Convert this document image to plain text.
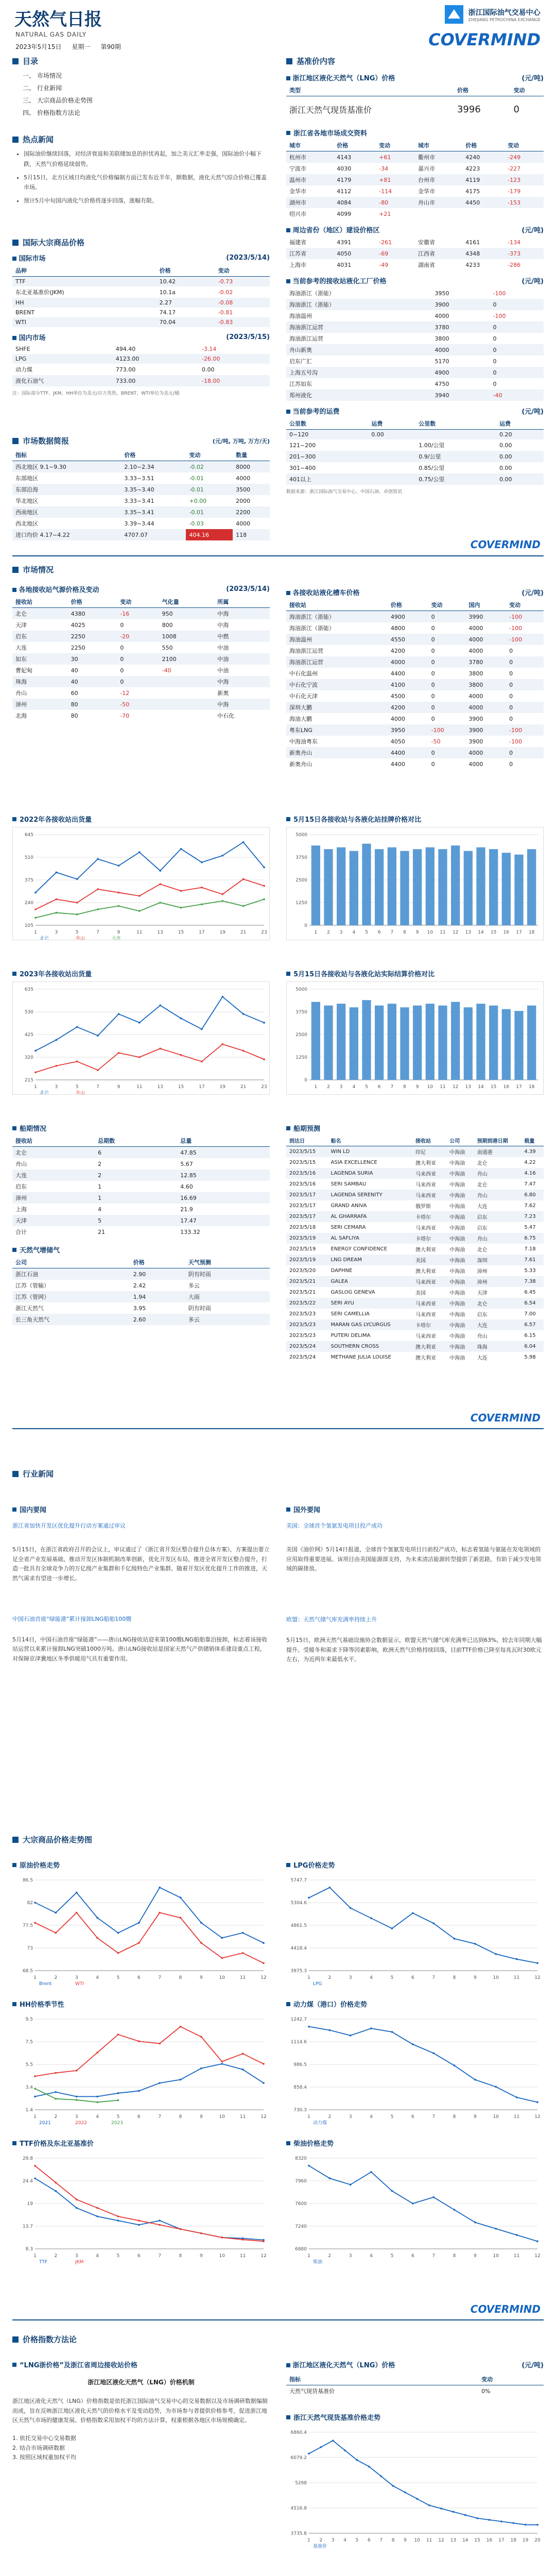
天然气日报
NATURAL GAS DAILY
2023年5月15日 星期一 第90期
浙江国际油气交易中心
ZHEJIANG PETROCHINA EXCHANGE
COVERMIND
目录
一、 市场情况
二、 行业新闻
三、 大宗商品价格走势图
四、 价格指数方法论
热点新闻
• 国际油价继续回落，对经济衰退和美联储加息的担忧再起，加之美元汇率走强，国际油价小幅下跌，天然气价格延续弱势。
• 5月15日，北方区域日均液化气价格编制方面已发布近半年，额数据，液化天然气综合价格已覆盖市场。
• 预计5月中旬国内液化气价格将逐步回落，涨幅有限。
国际大宗商品价格
国际市场	(2023/5/14)
品种	价格	变动
TTF	10.42	-0.73
东北亚基准价(JKM)	10.1a	-0.02
HH	2.27	-0.08
BRENT	74.17	-0.81
WTI	70.04	-0.83
国内市场	(2023/5/15)
SHFE	494.40	-3.14
LPG	4123.00	-26.00
动力煤	773.00	0.00
液化石油气	733.00	-18.00
注：国际部分TTF、JKM、HH单位为美元/百万英热，BRENT、WTI单位为美元/桶
市场数据简报	(元/吨, 万吨, 万方/天)
指标	价格	变动	数量
西北地区 9.1~9.30	2.10~2.34	-0.02	8000
东部地区	3.33~3.51	-0.01	4000
东部沿海	3.35~3.40	-0.01	3500
华北地区	3.33~3.41	+0.00	2000
西南地区	3.35~3.41	-0.01	2200
西北地区	3.39~3.44	-0.03	4000
进口均价 4.17~4.22	4707.07	404.16	118
基准价内容
浙江地区液化天然气（LNG）价格	(元/吨)
类型	价格	变动
浙江天然气现货基准价	3996	0
浙江省各地市场成交资料
城市	价格	变动	城市	价格	变动
杭州市	4143	+61	衢州市	4240	-249
宁波市	4030	-34	嘉兴市	4223	-227
温州市	4179	+81	台州市	4119	-123
金华市	4112	-114	金华市	4175	-179
湖州市	4084	-80	舟山市	4450	-153
绍兴市	4099	+21			
周边省份（地区）建设价格区	(元/吨)
福建省	4391	-261	安徽省	4161	-134
江苏省	4050	-69	江西省	4348	-373
上海市	4031	-49	湖南省	4233	-286
当前参考的接收站液化工厂价格	(元/吨)
海油浙江（浙能）	3950	-100
海油浙江（浙能）	3900	0
海油温州	4000	-100
海油浙江运营	3780	0
海油浙江运营	3800	0
舟山新奥	4000	0
启东广汇	5170	0
上海五号沟	4900	0
江苏如东	4750	0
郑州液化	3940	-40
当前参考的运费	(元/吨)
公里数	运费	公里数	运费
0~120	0.00		0.20
121~200		1.00/公里	0.00
201~300		0.9/公里	0.00
301~400		0.85/公里	0.00
401以上		0.75/公里	0.00
数据来源：浙江国际油气交易中心、中国石油、卓创资讯
COVERMIND
市场情况
各地接收站气源价格及变动	(2023/5/14)
接收站	价格	变动	气化量	所属
北仑	4380	-16	950	中海
天津	4025	0	800	中海
启东	2250	-20	1008	中燃
大连	2250	0	550	中油
如东	30	0	2100	中油
曹妃甸	40	0	-40	中油
珠海	40	0		中海
舟山	60	-12		新奥
漳州	80	-50		中海
北海	80	-70		中石化
各接收站液化槽车价格	(元/吨)
接收站	价格	变动	国内	变动
海油浙江（浙能）	4900	0	3990	-100
海油浙江（浙能）	4800	0	4000	-100
海油温州	4550	0	4000	-100
海油浙江运营	4200	0	4000	0
海油浙江运营	4000	0	3780	0
中石化温州	4400	0	3800	0
中石化宁波	4100	0	3800	0
中石化天津	4500	0	4000	0
深圳大鹏	4200	0	4000	0
海油大鹏	4000	0	3900	0
粤东LNG	3950	-100	3900	-100
中海油粤东	4050	-50	3900	-100
新奥舟山	4400	0	4000	0
新奥舟山	4400	0	4000	0
2022年各接收站出货量
105
240
375
510
645
北仑	舟山	大连
1	3	5	7	9	11	13	15	17	19	21	23
5月15日各接收站与各液化站挂牌价格对比
0
1250
2500
3750
5000
1 2 3 4 5 6 7 8 9 10 11 12 13 14 15 16 17 18
2023年各接收站出货量
215
320
425
530
635
北仑	舟山
1	3	5	7	9	11	13	15	17	19	21	23
5月15日各接收站与各液化站实际结算价格对比
0
1250
2500
3750
5000
1 2 3 4 5 6 7 8 9 10 11 12 13 14 15 16 17 18
船期情况
接收站	总期数	总量
北仑	6	47.85
舟山	2	5.67
大连	2	12.85
启东	1	4.60
漳州	1	16.69
上海	4	21.9
天津	5	17.47
合计	21	133.32
天然气增储气
公司	价格	天气预测
浙江石油	2.90	阴有时雨
江苏（管输）	2.42	多云
江苏（管网）	1.94	大雨
浙江天然气	3.95	阴有时雨
长三角天然气	2.60	多云
船期预测
到达日	船名	接收站	公司	预期到港日期	载量
2023/5/15	WIN LD	印尼	中海油	南通港	4.39
2023/5/15	ASIA EXCELLENCE	澳大利亚	中海油	北仑	4.22
2023/5/16	LAGENDA SURIA	马来西亚	中海油	舟山	4.16
2023/5/16	SERI SAMBAU	马来西亚	中海油	北仑	7.47
2023/5/17	LAGENDA SERENITY	马来西亚	中海油	舟山	6.80
2023/5/17	GRAND ANIVA	俄罗斯	中海油	大连	7.62
2023/5/17	AL GHARRAFA	卡塔尔	中海油	启东	7.23
2023/5/18	SERI CEMARA	马来西亚	中海油	启东	5.47
2023/5/19	AL SAFLIYA	卡塔尔	中海油	舟山	6.75
2023/5/19	ENERGY CONFIDENCE	澳大利亚	中海油	北仑	7.18
2023/5/19	LNG DREAM	美国	中海油	深圳	7.61
2023/5/20	DAPHNE	澳大利亚	中海油	漳州	5.33
2023/5/21	GALEA	马来西亚	中海油	漳州	7.38
2023/5/21	GASLOG GENEVA	美国	中海油	天津	6.45
2023/5/22	SERI AYU	马来西亚	中海油	北仑	6.54
2023/5/23	SERI CAMELLIA	马来西亚	中海油	启东	7.00
2023/5/23	MARAN GAS LYCURGUS	卡塔尔	中海油	大连	6.57
2023/5/23	PUTERI DELIMA	马来西亚	中海油	舟山	6.15
2023/5/24	SOUTHERN CROSS	澳大利亚	中海油	珠海	6.04
2023/5/24	METHANE JULIA LOUISE	澳大利亚	中海油	大连	5.98
COVERMIND
行业新闻
国内要闻
浙江省加快开发区优化提升行动方案通过审议
5月15日，在浙江省政府召开的会议上，审议通过了《浙江省开发区整合提升总体方案》，方案提出要立足全省产业发展基础，推动开发区体制机制改革创新，优化开发区布局，推进全省开发区整合提升，打造一批具有全球竞争力的万亿级产业集群和千亿级特色产业集群。随着开发区优化提升工作的推进，天然气需求有望进一步增长。
中国石油首座“绿能港”累计接卸LNG船舶100艘
5月14日，中国石油首座“绿能港”——唐山LNG接收站迎来第100艘LNG船舶靠泊接卸，标志着该接收站运营以来累计接卸LNG突破1000万吨。唐山LNG接收站是国家天然气产供储销体系建设重点工程，对保障京津冀地区冬季供暖用气具有重要作用。
国外要闻
美国：全球首个氢氨发电项目投产成功
美国《油价网》5月14日报道，全球首个氢氨发电项目日前投产成功，标志着氢能与氨能在发电领域的应用取得重要进展。该项目由美国能源部支持，为未来清洁能源转型提供了新思路，有助于减少发电领域的碳排放。
欧盟：天然气储气库充满率持续上升
5月15日，欧洲天然气基础设施协会数据显示，欧盟天然气储气库充满率已达到63%，较去年同期大幅提升。受暖冬和需求下降等因素影响，欧洲天然气价格持续回落，目前TTF价格已降至每兆瓦时30欧元左右，为近两年来最低水平。
大宗商品价格走势图
原油价格走势
68.5
73
77.5
82
86.5
Brent	WTI
1	2	3	4	5	6	7	8	9	10	11	12
LPG价格走势
3975.3
4418.4
4861.5
5304.6
5747.7
LPG
1	2	3	4	5	6	7	8	9	10	11	12
HH价格季节性
1.4
3.4
5.5
7.5
9.5
2021	2022	2023
1	2	3	4	5	6	7	8	9	10	11	12
动力煤（港口）价格走势
730.3
858.4
986.5
1114.6
1242.7
动力煤
1	2	3	4	5	6	7	8	9	10	11	12
TTF价格及东北亚基准价
8.3
13.7
19
24.4
29.8
TTF	JKM
1	2	3	4	5	6	7	8	9	10	11	12
柴油价格走势
6880
7240
7600
7960
8320
柴油
1	2	3	4	5	6	7	8	9	10	11	12
COVERMIND
价格指数方法论
“LNG浙价格”及浙江省周边接收站价格
浙江地区液化天然气（LNG）价格机制
浙江地区液化天然气（LNG）价格指数是依托浙江国际油气交易中心的交易数据以及市场调研数据编制而成，旨在反映浙江地区液化天然气的价格水平及变动趋势，为市场参与者提供价格参考，促进浙江地区天然气市场的健康发展。价格指数采用加权平均的方法计算，权重根据各地区市场规模确定。
1. 依托交易中心交易数据
2. 结合市场调研数据
3. 按照区域权重加权平均
浙江地区液化天然气（LNG）价格	(元/吨)
指标	变动
天然气现货基准价	0%
浙江天然气现货基准价格走势
3735.6
4516.8
5298
6079.2
6860.4
基准价
1 2 3 4 5 6 7 8 9 10 11 12 13 14 15 16 17 18 19 20
